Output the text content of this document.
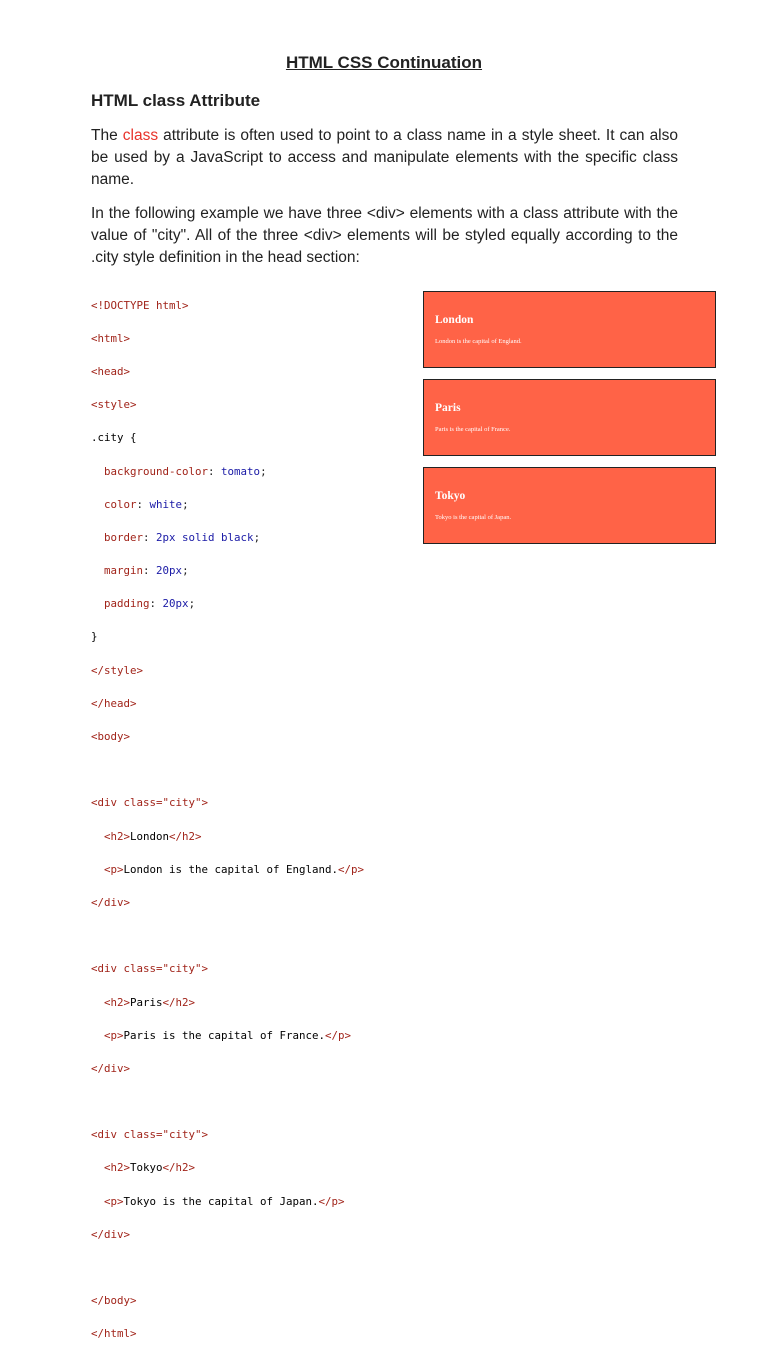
HTML CSS Continuation
HTML class Attribute

The class attribute is often used to point to a class name in a style sheet. It can also be used by a JavaScript to access and manipulate elements with the specific class name.

In the following example we have three <div> elements with a class attribute with the value of "city". All of the three <div> elements will be styled equally according to the .city style definition in the head section:

<!DOCTYPE html>

<html>

<head>

<style>

.city {

background-color: tomato;

color: white;

border: 2px solid black;

margin: 20px;

padding: 20px;

}

</style>

</head>

<body>

<div class="city">

<h2>London</h2>

<p>London is the capital of England.</p>

</div>

<div class="city">

<h2>Paris</h2>

<p>Paris is the capital of France.</p>

</div>

<div class="city">

<h2>Tokyo</h2>

<p>Tokyo is the capital of Japan.</p>

</div>

</body>

</html>

London

London is the capital of England.

Paris

Paris is the capital of France.

Tokyo

Tokyo is the capital of Japan.
